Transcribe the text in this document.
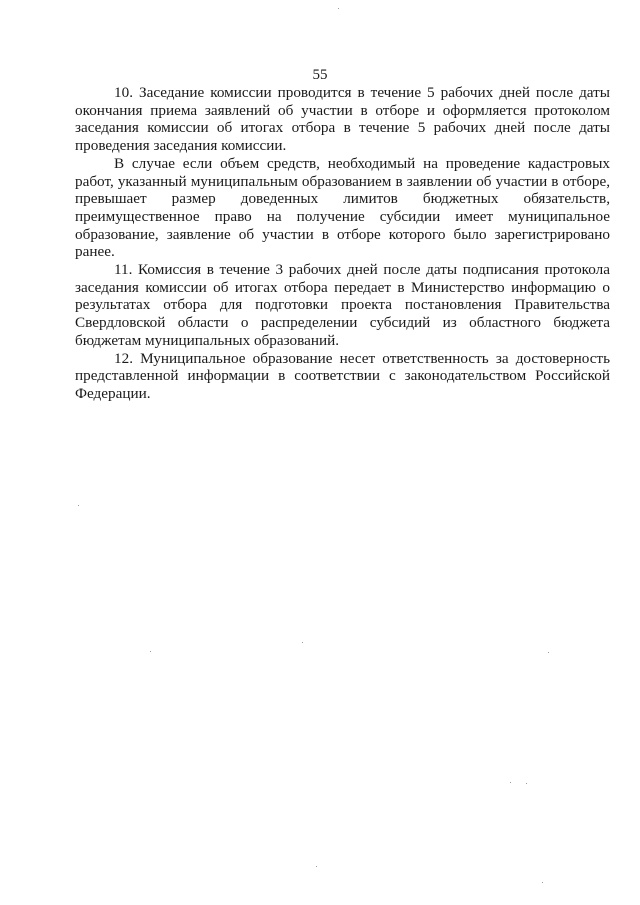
55

10. Заседание комиссии проводится в течение 5 рабочих дней после даты окончания приема заявлений об участии в отборе и оформляется протоколом заседания комиссии об итогах отбора в течение 5 рабочих дней после даты проведения заседания комиссии.

В случае если объем средств, необходимый на проведение кадастровых работ, указанный муниципальным образованием в заявлении об участии в отборе, превышает размер доведенных лимитов бюджетных обязательств, преимущественное право на получение субсидии имеет муниципальное образование, заявление об участии в отборе которого было зарегистрировано ранее.

11. Комиссия в течение 3 рабочих дней после даты подписания протокола заседания комиссии об итогах отбора передает в Министерство информацию о результатах отбора для подготовки проекта постановления Правительства Свердловской области о распределении субсидий из областного бюджета бюджетам муниципальных образований.

12. Муниципальное образование несет ответственность за достоверность представленной информации в соответствии с законодательством Российской Федерации.
